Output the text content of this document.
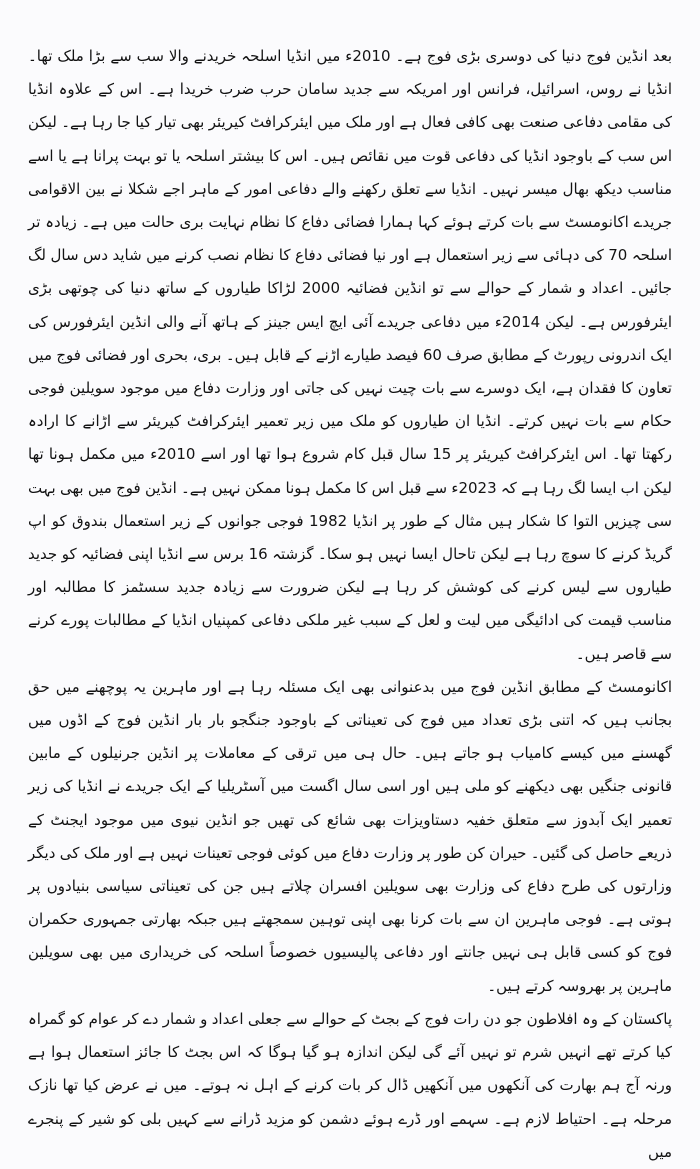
بعد انڈین فوج دنیا کی دوسری بڑی فوج ہے۔ 2010ء میں انڈیا اسلحہ خریدنے والا سب سے بڑا ملک تھا۔ انڈیا نے روس، اسرائیل، فرانس اور امریکہ سے جدید سامان حرب ضرب خریدا ہے۔ اس کے علاوہ انڈیا کی مقامی دفاعی صنعت بھی کافی فعال ہے اور ملک میں ایئرکرافٹ کیریئر بھی تیار کیا جا رہا ہے۔ لیکن اس سب کے باوجود انڈیا کی دفاعی قوت میں نقائص ہیں۔ اس کا بیشتر اسلحہ یا تو بہت پرانا ہے یا اسے مناسب دیکھ بھال میسر نہیں۔ انڈیا سے تعلق رکھنے والے دفاعی امور کے ماہر اجے شکلا نے بین الاقوامی جریدے اکانومسٹ سے بات کرتے ہوئے کہا ہمارا فضائی دفاع کا نظام نہایت بری حالت میں ہے۔ زیادہ تر اسلحہ 70 کی دہائی سے زیر استعمال ہے اور نیا فضائی دفاع کا نظام نصب کرنے میں شاید دس سال لگ جائیں۔ اعداد و شمار کے حوالے سے تو انڈین فضائیہ 2000 لڑاکا طیاروں کے ساتھ دنیا کی چوتھی بڑی ایئرفورس ہے۔ لیکن 2014ء میں دفاعی جریدے آئی ایچ ایس جینز کے ہاتھ آنے والی انڈین ایئرفورس کی ایک اندرونی رپورٹ کے مطابق صرف 60 فیصد طیارے اڑنے کے قابل ہیں۔ بری، بحری اور فضائی فوج میں تعاون کا فقدان ہے، ایک دوسرے سے بات چیت نہیں کی جاتی اور وزارت دفاع میں موجود سویلین فوجی حکام سے بات نہیں کرتے۔ انڈیا ان طیاروں کو ملک میں زیر تعمیر ایئرکرافٹ کیریئر سے اڑانے کا ارادہ رکھتا تھا۔ اس ایئرکرافٹ کیریئر پر 15 سال قبل کام شروع ہوا تھا اور اسے 2010ء میں مکمل ہونا تھا لیکن اب ایسا لگ رہا ہے کہ 2023ء سے قبل اس کا مکمل ہونا ممکن نہیں ہے۔ انڈین فوج میں بھی بہت سی چیزیں التوا کا شکار ہیں مثال کے طور پر انڈیا 1982 فوجی جوانوں کے زیر استعمال بندوق کو اپ گریڈ کرنے کا سوچ رہا ہے لیکن تاحال ایسا نہیں ہو سکا۔ گزشتہ 16 برس سے انڈیا اپنی فضائیہ کو جدید طیاروں سے لیس کرنے کی کوشش کر رہا ہے لیکن ضرورت سے زیادہ جدید سسٹمز کا مطالبہ اور مناسب قیمت کی ادائیگی میں لیت و لعل کے سبب غیر ملکی دفاعی کمپنیاں انڈیا کے مطالبات پورے کرنے سے قاصر ہیں۔

اکانومسٹ کے مطابق انڈین فوج میں بدعنوانی بھی ایک مسئلہ رہا ہے اور ماہرین یہ پوچھنے میں حق بجانب ہیں کہ اتنی بڑی تعداد میں فوج کی تعیناتی کے باوجود جنگجو بار بار انڈین فوج کے اڈوں میں گھسنے میں کیسے کامیاب ہو جاتے ہیں۔ حال ہی میں ترقی کے معاملات پر انڈین جرنیلوں کے مابین قانونی جنگیں بھی دیکھنے کو ملی ہیں اور اسی سال اگست میں آسٹریلیا کے ایک جریدے نے انڈیا کی زیر تعمیر ایک آبدوز سے متعلق خفیہ دستاویزات بھی شائع کی تھیں جو انڈین نیوی میں موجود ایجنٹ کے ذریعے حاصل کی گئیں۔ حیران کن طور پر وزارت دفاع میں کوئی فوجی تعینات نہیں ہے اور ملک کی دیگر وزارتوں کی طرح دفاع کی وزارت بھی سویلین افسران چلاتے ہیں جن کی تعیناتی سیاسی بنیادوں پر ہوتی ہے۔ فوجی ماہرین ان سے بات کرنا بھی اپنی توہین سمجھتے ہیں جبکہ بھارتی جمہوری حکمران فوج کو کسی قابل ہی نہیں جانتے اور دفاعی پالیسیوں خصوصاً اسلحہ کی خریداری میں بھی سویلین ماہرین پر بھروسہ کرتے ہیں۔

پاکستان کے وہ افلاطون جو دن رات فوج کے بجٹ کے حوالے سے جعلی اعداد و شمار دے کر عوام کو گمراہ کیا کرتے تھے انہیں شرم تو نہیں آئے گی لیکن اندازہ ہو گیا ہوگا کہ اس بجٹ کا جائز استعمال ہوا ہے ورنہ آج ہم بھارت کی آنکھوں میں آنکھیں ڈال کر بات کرنے کے اہل نہ ہوتے۔ میں نے عرض کیا تھا نازک مرحلہ ہے۔ احتیاط لازم ہے۔ سہمے اور ڈرے ہوئے دشمن کو مزید ڈرانے سے کہیں بلی کو شیر کے پنجرے میں
